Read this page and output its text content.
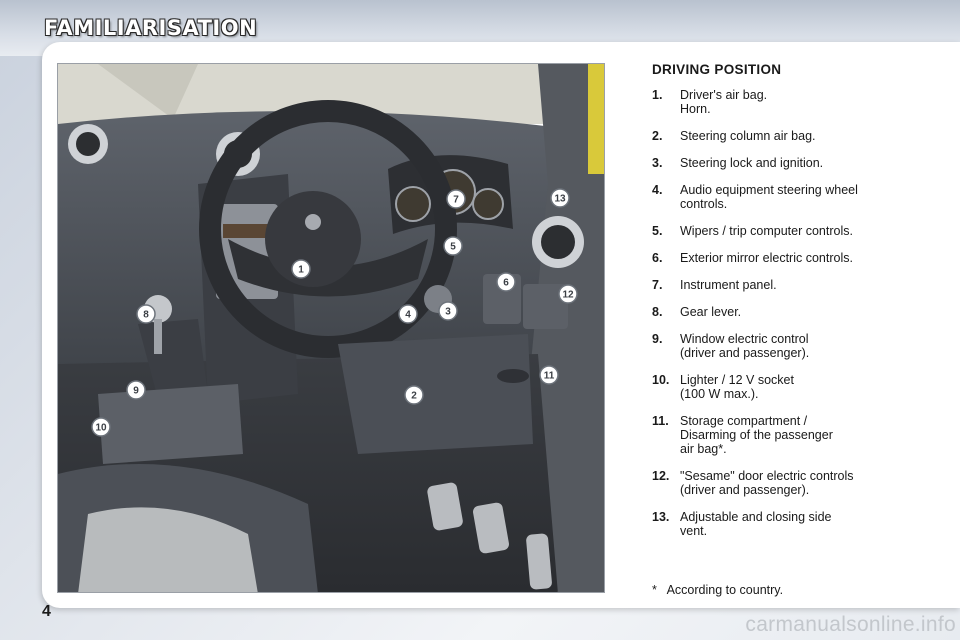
FAMILIARISATION
1
2
3
4
5
6
7
8
9
10
11
12
13
DRIVING POSITION
1.	Driver's air bag.
Horn.
2.	Steering column air bag.
3.	Steering lock and ignition.
4.	Audio equipment steering wheel
controls.
5.	Wipers / trip computer controls.
6.	Exterior mirror electric controls.
7.	Instrument panel.
8.	Gear lever.
9.	Window electric control
(driver and passenger).
10. Lighter / 12 V socket
(100 W max.).
11. Storage compartment /
Disarming of the passenger
air bag*.
12. "Sesame" door electric controls
(driver and passenger).
13. Adjustable and closing side
vent.
*   According to country.
4
carmanualsonline.info
